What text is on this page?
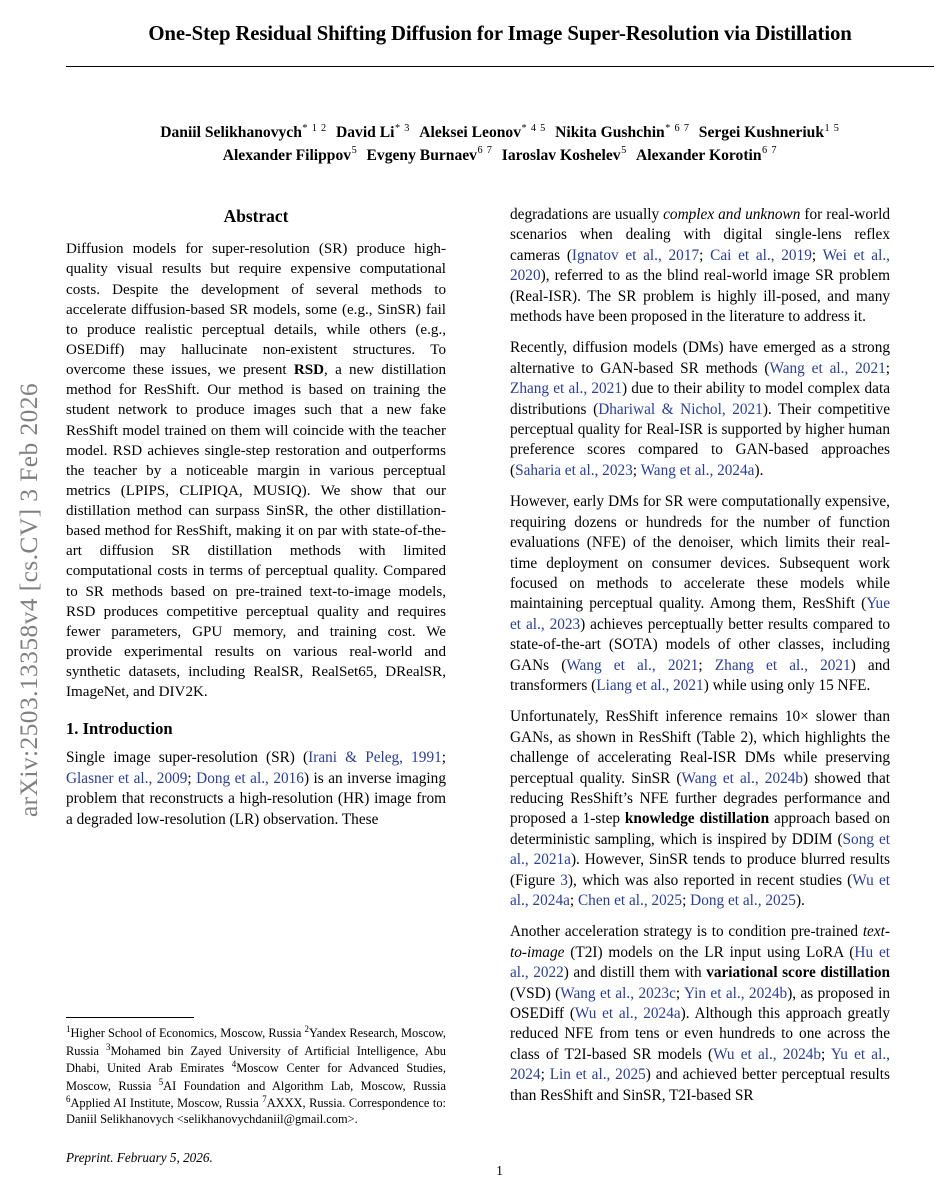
arXiv:2503.13358v4 [cs.CV] 3 Feb 2026
One-Step Residual Shifting Diffusion for Image Super-Resolution via Distillation
Daniil Selikhanovych$^{* 1 2}$ David Li$^{* 3}$ Aleksei Leonov$^{* 4 5}$ Nikita Gushchin$^{* 6 7}$ Sergei Kushneriuk$^{1 5}$
Alexander Filippov$^5$ Evgeny Burnaev$^{6 7}$ Iaroslav Koshelev$^5$ Alexander Korotin$^{6 7}$
Abstract

Diffusion models for super-resolution (SR) produce high-quality visual results but require expensive computational costs. Despite the development of several methods to accelerate diffusion-based SR models, some (e.g., SinSR) fail to produce realistic perceptual details, while others (e.g., OSEDiff) may hallucinate non-existent structures. To overcome these issues, we present RSD, a new distillation method for ResShift. Our method is based on training the student network to produce images such that a new fake ResShift model trained on them will coincide with the teacher model. RSD achieves single-step restoration and outperforms the teacher by a noticeable margin in various perceptual metrics (LPIPS, CLIPIQA, MUSIQ). We show that our distillation method can surpass SinSR, the other distillation-based method for ResShift, making it on par with state-of-the-art diffusion SR distillation methods with limited computational costs in terms of perceptual quality. Compared to SR methods based on pre-trained text-to-image models, RSD produces competitive perceptual quality and requires fewer parameters, GPU memory, and training cost. We provide experimental results on various real-world and synthetic datasets, including RealSR, RealSet65, DRealSR, ImageNet, and DIV2K.

1. Introduction

Single image super-resolution (SR) (Irani & Peleg, 1991; Glasner et al., 2009; Dong et al., 2016) is an inverse imaging problem that reconstructs a high-resolution (HR) image from a degraded low-resolution (LR) observation. These

degradations are usually complex and unknown for real-world scenarios when dealing with digital single-lens reflex cameras (Ignatov et al., 2017; Cai et al., 2019; Wei et al., 2020), referred to as the blind real-world image SR problem (Real-ISR). The SR problem is highly ill-posed, and many methods have been proposed in the literature to address it.

Recently, diffusion models (DMs) have emerged as a strong alternative to GAN-based SR methods (Wang et al., 2021; Zhang et al., 2021) due to their ability to model complex data distributions (Dhariwal & Nichol, 2021). Their competitive perceptual quality for Real-ISR is supported by higher human preference scores compared to GAN-based approaches (Saharia et al., 2023; Wang et al., 2024a).

However, early DMs for SR were computationally expensive, requiring dozens or hundreds for the number of function evaluations (NFE) of the denoiser, which limits their real-time deployment on consumer devices. Subsequent work focused on methods to accelerate these models while maintaining perceptual quality. Among them, ResShift (Yue et al., 2023) achieves perceptually better results compared to state-of-the-art (SOTA) models of other classes, including GANs (Wang et al., 2021; Zhang et al., 2021) and transformers (Liang et al., 2021) while using only 15 NFE.

Unfortunately, ResShift inference remains 10× slower than GANs, as shown in ResShift (Table 2), which highlights the challenge of accelerating Real-ISR DMs while preserving perceptual quality. SinSR (Wang et al., 2024b) showed that reducing ResShift’s NFE further degrades performance and proposed a 1-step knowledge distillation approach based on deterministic sampling, which is inspired by DDIM (Song et al., 2021a). However, SinSR tends to produce blurred results (Figure 3), which was also reported in recent studies (Wu et al., 2024a; Chen et al., 2025; Dong et al., 2025).

Another acceleration strategy is to condition pre-trained text-to-image (T2I) models on the LR input using LoRA (Hu et al., 2022) and distill them with variational score distillation (VSD) (Wang et al., 2023c; Yin et al., 2024b), as proposed in OSEDiff (Wu et al., 2024a). Although this approach greatly reduced NFE from tens or even hundreds to one across the class of T2I-based SR models (Wu et al., 2024b; Yu et al., 2024; Lin et al., 2025) and achieved better perceptual results than ResShift and SinSR, T2I-based SR

$^1$Higher School of Economics, Moscow, Russia $^2$Yandex Research, Moscow, Russia $^3$Mohamed bin Zayed University of Artificial Intelligence, Abu Dhabi, United Arab Emirates $^4$Moscow Center for Advanced Studies, Moscow, Russia $^5$AI Foundation and Algorithm Lab, Moscow, Russia $^6$Applied AI Institute, Moscow, Russia $^7$AXXX, Russia. Correspondence to: Daniil Selikhanovych <selikhanovychdaniil@gmail.com>.
Preprint. February 5, 2026.
1
